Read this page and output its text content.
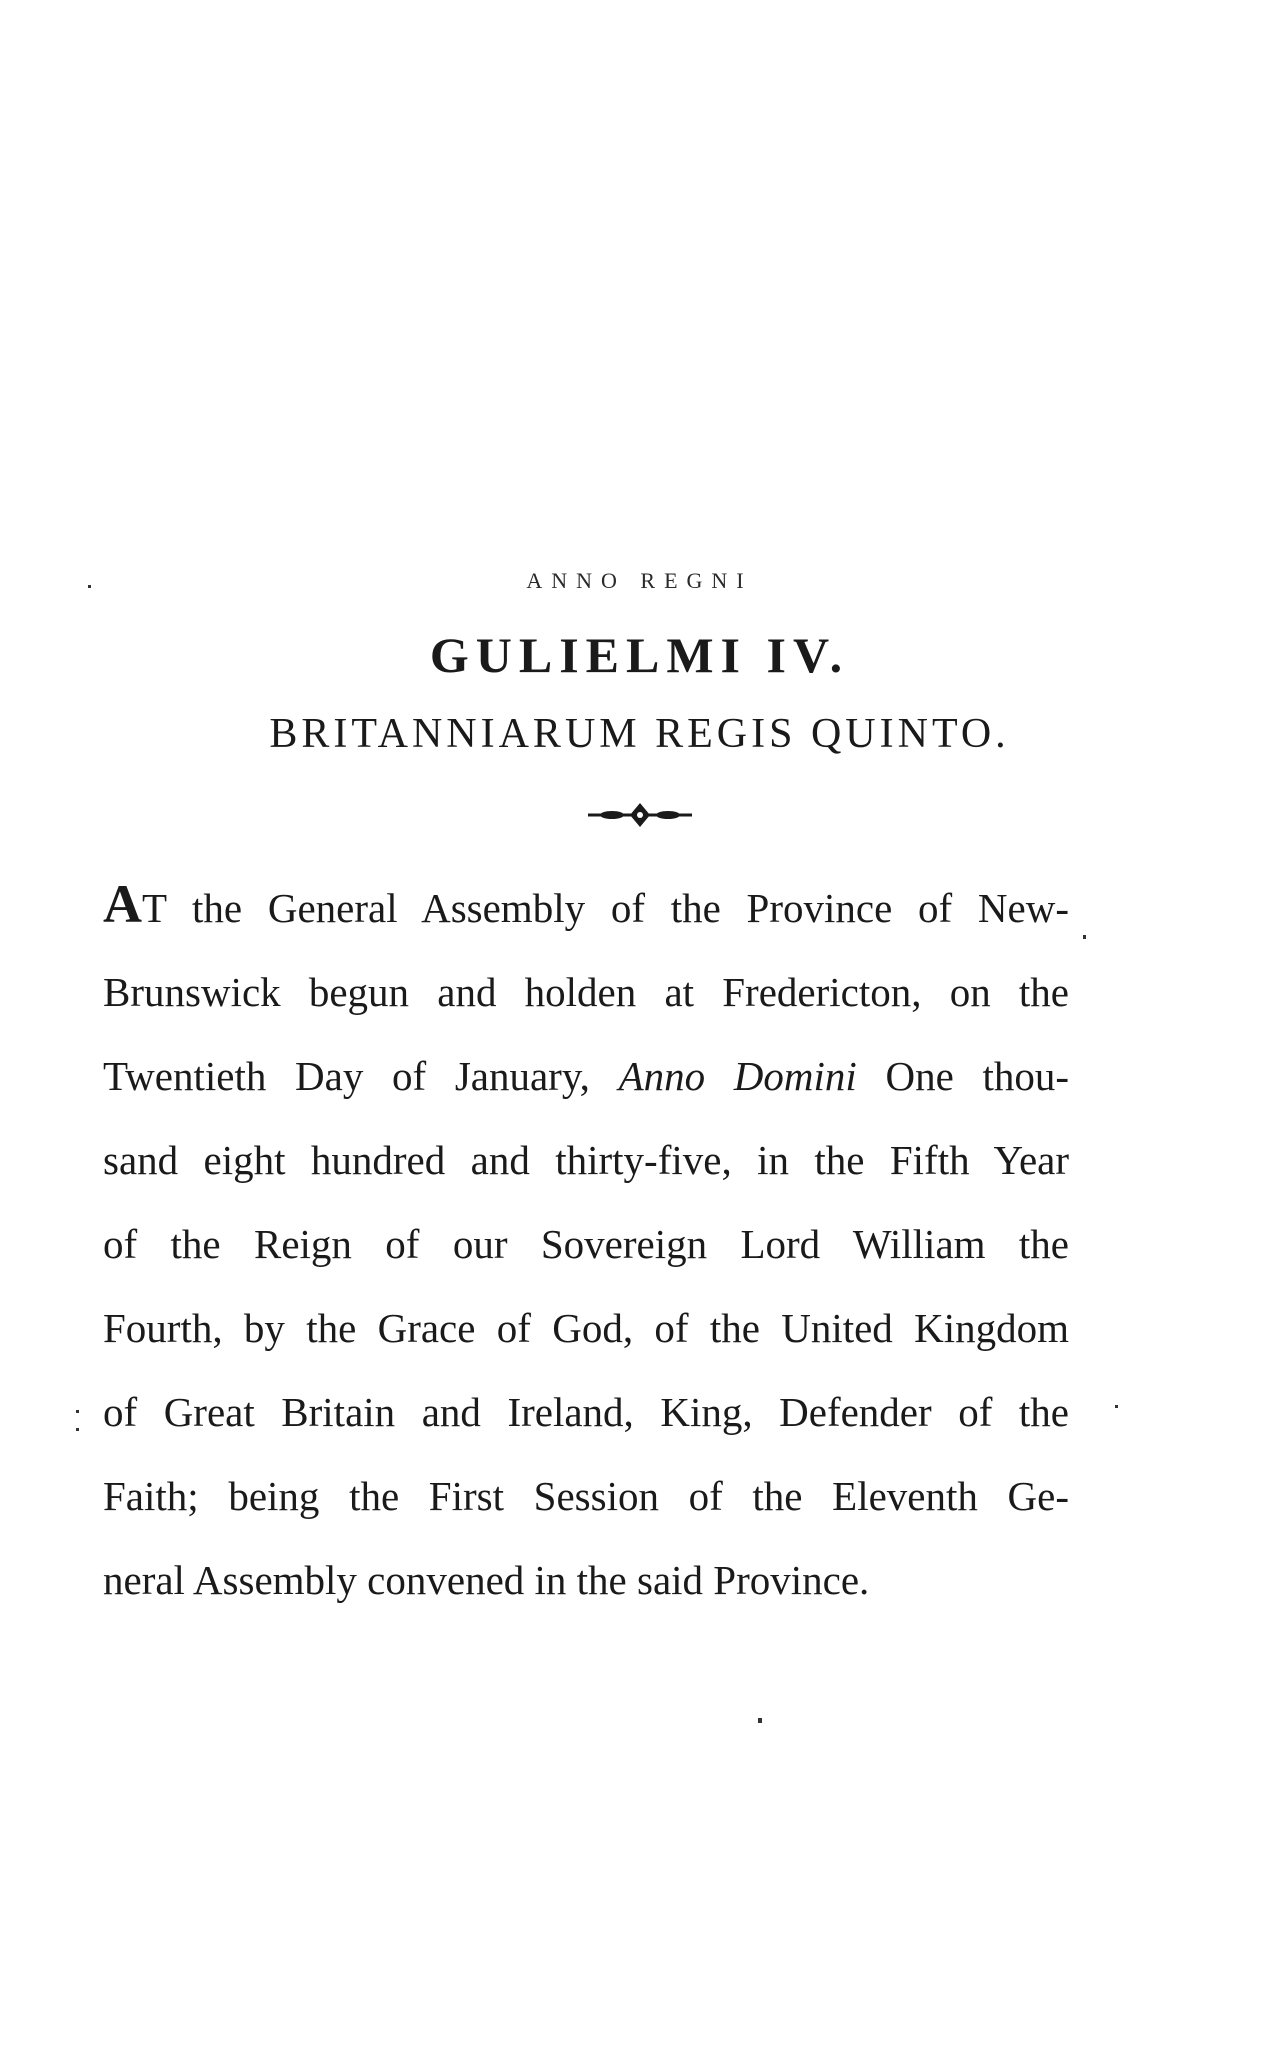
ANNO REGNI
GULIELMI IV.
BRITANNIARUM REGIS QUINTO.
AT the General Assembly of the Province of New-
Brunswick begun and holden at Fredericton, on the
Twentieth Day of January, Anno Domini One thou-
sand eight hundred and thirty-five, in the Fifth Year
of the Reign of our Sovereign Lord William the
Fourth, by the Grace of God, of the United Kingdom
of Great Britain and Ireland, King, Defender of the
Faith; being the First Session of the Eleventh Ge-
neral Assembly convened in the said Province.
